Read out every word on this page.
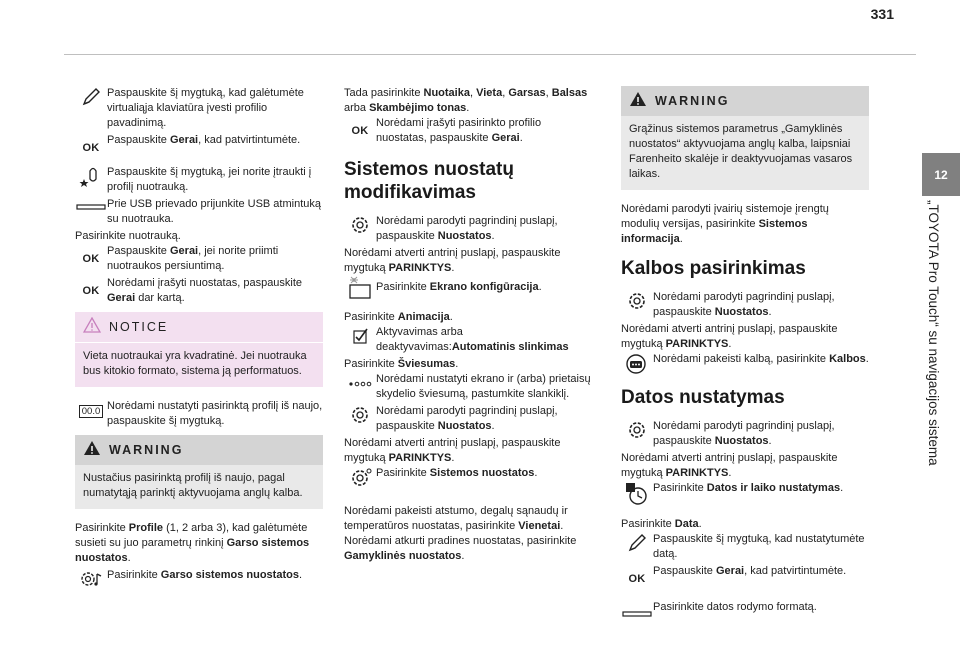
331
12
„TOYOTA Pro Touch“ su navigacijos sistema
Paspauskite šį mygtuką, kad galėtumėte virtualiąja klaviatūra įvesti profilio pavadinimą.
OK
Paspauskite Gerai, kad patvirtintumėte.
Paspauskite šį mygtuką, jei norite įtraukti į profilį nuotrauką.
Prie USB prievado prijunkite USB atmintuką su nuotrauka.
Pasirinkite nuotrauką.
OK
Paspauskite Gerai, jei norite priimti nuotraukos persiuntimą.
OK
Norėdami įrašyti nuostatas, paspauskite Gerai dar kartą.
NOTICE
Vieta nuotraukai yra kvadratinė. Jei nuotrauka bus kitokio formato, sistema ją performatuos.
00.0 Norėdami nustatyti pasirinktą profilį iš naujo, paspauskite šį mygtuką.
WARNING
Nustačius pasirinktą profilį iš naujo, pagal numatytąją parinktį aktyvuojama anglų kalba.
Pasirinkite Profile (1, 2 arba 3), kad galėtumėte susieti su juo parametrų rinkinį Garso sistemos nuostatos.
Pasirinkite Garso sistemos nuostatos.
Tada pasirinkite Nuotaika, Vieta, Garsas, Balsas arba Skambėjimo tonas.
OK
Norėdami įrašyti pasirinkto profilio nuostatas, paspauskite Gerai.
Sistemos nuostatų modifikavimas
Norėdami parodyti pagrindinį puslapį, paspauskite Nuostatos.
Norėdami atverti antrinį puslapį, paspauskite mygtuką PARINKTYS.
Pasirinkite Ekrano konfigūracija.
Pasirinkite Animacija.
Aktyvavimas arba deaktyvavimas:Automatinis slinkimas
Pasirinkite Šviesumas.
Norėdami nustatyti ekrano ir (arba) prietaisų skydelio šviesumą, pastumkite slankiklį.
Norėdami parodyti pagrindinį puslapį, paspauskite Nuostatos.
Norėdami atverti antrinį puslapį, paspauskite mygtuką PARINKTYS.
Pasirinkite Sistemos nuostatos.
Norėdami pakeisti atstumo, degalų sąnaudų ir temperatūros nuostatas, pasirinkite Vienetai.
Norėdami atkurti pradines nuostatas, pasirinkite Gamyklinės nuostatos.
WARNING
Grąžinus sistemos parametrus „Gamyklinės nuostatos“ aktyvuojama anglų kalba, laipsniai Farenheito skalėje ir deaktyvuojamas vasaros laikas.
Norėdami parodyti įvairių sistemoje įrengtų modulių versijas, pasirinkite Sistemos informacija.
Kalbos pasirinkimas
Norėdami parodyti pagrindinį puslapį, paspauskite Nuostatos.
Norėdami atverti antrinį puslapį, paspauskite mygtuką PARINKTYS.
Norėdami pakeisti kalbą, pasirinkite Kalbos.
Datos nustatymas
Norėdami parodyti pagrindinį puslapį, paspauskite Nuostatos.
Norėdami atverti antrinį puslapį, paspauskite mygtuką PARINKTYS.
Pasirinkite Datos ir laiko nustatymas.
Pasirinkite Data.
Paspauskite šį mygtuką, kad nustatytumėte datą.
OK
Paspauskite Gerai, kad patvirtintumėte.
Pasirinkite datos rodymo formatą.
